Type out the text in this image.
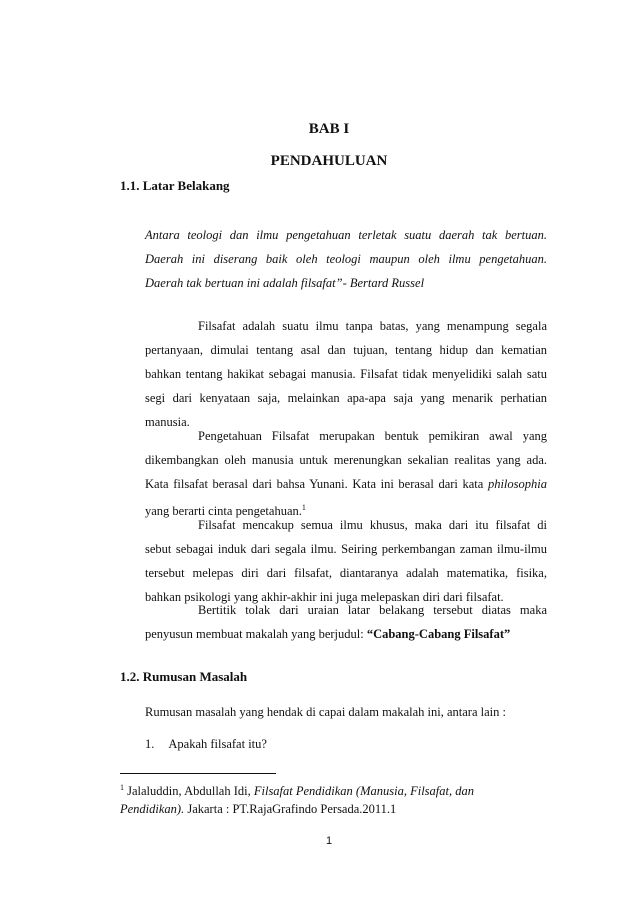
BAB I
PENDAHULUAN
1.1. Latar Belakang
Antara teologi dan ilmu pengetahuan terletak suatu daerah tak bertuan.
Daerah ini diserang baik oleh teologi maupun oleh ilmu pengetahuan.
Daerah tak bertuan ini adalah filsafat”- Bertard Russel
Filsafat adalah suatu ilmu tanpa batas, yang menampung segala
pertanyaan, dimulai tentang asal dan tujuan, tentang hidup dan kematian
bahkan tentang hakikat sebagai manusia. Filsafat tidak menyelidiki salah satu
segi dari kenyataan saja, melainkan apa-apa saja yang menarik perhatian
manusia.
Pengetahuan Filsafat merupakan bentuk pemikiran awal yang
dikembangkan oleh manusia untuk merenungkan sekalian realitas yang ada.
Kata filsafat berasal dari bahsa Yunani. Kata ini berasal dari kata philosophia
yang berarti cinta pengetahuan.$^1$
Filsafat mencakup semua ilmu khusus, maka dari itu filsafat di
sebut sebagai induk dari segala ilmu. Seiring perkembangan zaman ilmu-ilmu
tersebut melepas diri dari filsafat, diantaranya adalah matematika, fisika,
bahkan psikologi yang akhir-akhir ini juga melepaskan diri dari filsafat.
Bertitik tolak dari uraian latar belakang tersebut diatas maka
penyusun membuat makalah yang berjudul: “Cabang-Cabang Filsafat”
1.2. Rumusan Masalah
Rumusan masalah yang hendak di capai dalam makalah ini, antara lain :
1. Apakah filsafat itu?
$^1$ Jalaluddin, Abdullah Idi, Filsafat Pendidikan (Manusia, Filsafat, dan
Pendidikan). Jakarta : PT.RajaGrafindo Persada.2011.1
1
